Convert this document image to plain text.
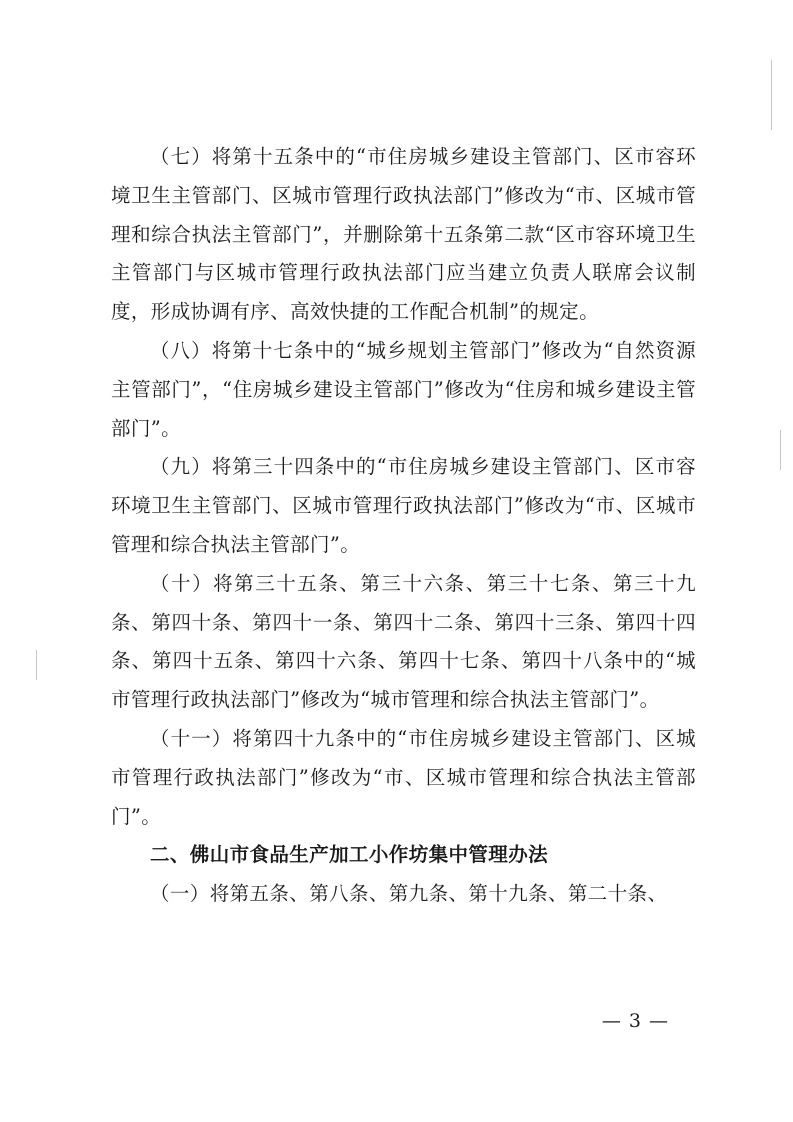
（七）将第十五条中的“市住房城乡建设主管部门、区市容环境卫生主管部门、区城市管理行政执法部门”修改为“市、区城市管理和综合执法主管部门”，并删除第十五条第二款“区市容环境卫生主管部门与区城市管理行政执法部门应当建立负责人联席会议制度，形成协调有序、高效快捷的工作配合机制”的规定。

（八）将第十七条中的“城乡规划主管部门”修改为“自然资源主管部门”，“住房城乡建设主管部门”修改为“住房和城乡建设主管部门”。

（九）将第三十四条中的“市住房城乡建设主管部门、区市容环境卫生主管部门、区城市管理行政执法部门”修改为“市、区城市管理和综合执法主管部门”。

（十）将第三十五条、第三十六条、第三十七条、第三十九条、第四十条、第四十一条、第四十二条、第四十三条、第四十四条、第四十五条、第四十六条、第四十七条、第四十八条中的“城市管理行政执法部门”修改为“城市管理和综合执法主管部门”。

（十一）将第四十九条中的“市住房城乡建设主管部门、区城市管理行政执法部门”修改为“市、区城市管理和综合执法主管部门”。

二、佛山市食品生产加工小作坊集中管理办法

（一）将第五条、第八条、第九条、第十九条、第二十条、

— 3 —
